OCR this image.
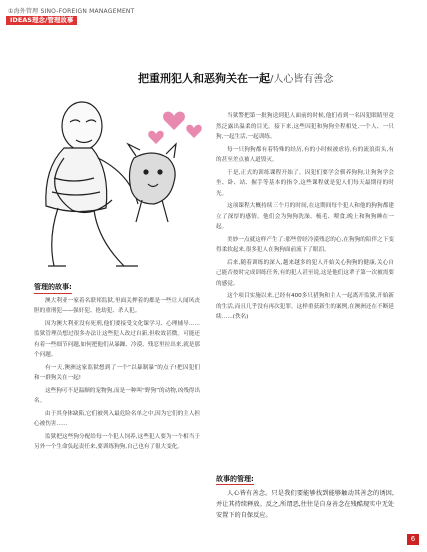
①海外管理 SINO-FOREIGN MANAGEMENT
IDEAS理念/管理故事
把重刑犯人和恶狗关在一起/人心皆有善念

管理的故事:

澳大利亚一家着名联邦监狱,里面关押着的都是一些让人闻风丧胆的重刑犯——强奸犯、抢劫犯、杀人犯。

因为澳大利亚没有死刑,他们要接受文化课学习、心理辅导……监狱管理员想过很多办法让这些犯人改过自新,但收效甚微。可能还有着一些细节问题,如何把他们从暴躁、冷漠、残忍里拉出来,就是那个问题。

有一天,澳洲这家监狱想到了一个“以暴制暴”的点子!把囚犯们和一群狗关在一起!

这些狗可不是温顺的宠物狗,而是一种叫“野狗”的动物,凶残得出名。

由于其身体缺陷,它们被列入最危险名单之中,因为它们的主人担心被伤害……

监狱把这些狗分配给每一个犯人饲养,这些犯人要为一个相当于另外一个生命负起责任来,要训练狗狗,自己也有了很大变化。

当狱警把第一批狗送到犯人面前的时候,他们看到一名囚犯眼睛里竟然泛露出温柔的目光。接下来,这些囚犯和狗狗全程相处,一个人、一只狗,一起生活,一起训练。

每一只狗狗都有着特殊的经历,有的小时候被虐待,有的流浪街头,有的甚至差点被人道毁灭。

于是,正式的训练课程开始了。囚犯们要学会驯养狗狗,让狗狗学会坐、卧、站、握手等基本的指令,这些课程就是犯人们每天最期待的时光。

这项课程大概持续三个月的时间,在这期间每个犯人和他的狗狗都建立了深厚的感情。他们会为狗狗洗澡、梳毛、喂食,晚上和狗狗睡在一起。

美妙一点就这样产生了:那些曾经冷漠残忍的心,在狗狗的陪伴之下变得柔软起来,很多犯人在狗狗面前流下了眼泪。

后来,随着训练的深入,越来越多的犯人开始关心狗狗的健康,关心自己能否按时完成训练任务,有的犯人甚至说,这是他们这辈子第一次被需要的感觉。

这个项目实施以来,已经有400多只猎狗和主人一起离开监狱,开始新的生活,而且几乎没有再次犯罪。这样重获新生的案例,在澳洲还在不断延续……(佚名)

故事的管理:

人心皆有善念。只是我们要能够找到能够触动其善念的诱因,并让其持续释放。反之,所谓恶,往往是自身善念在残酷现实中无处安置下的自保反应。

6
